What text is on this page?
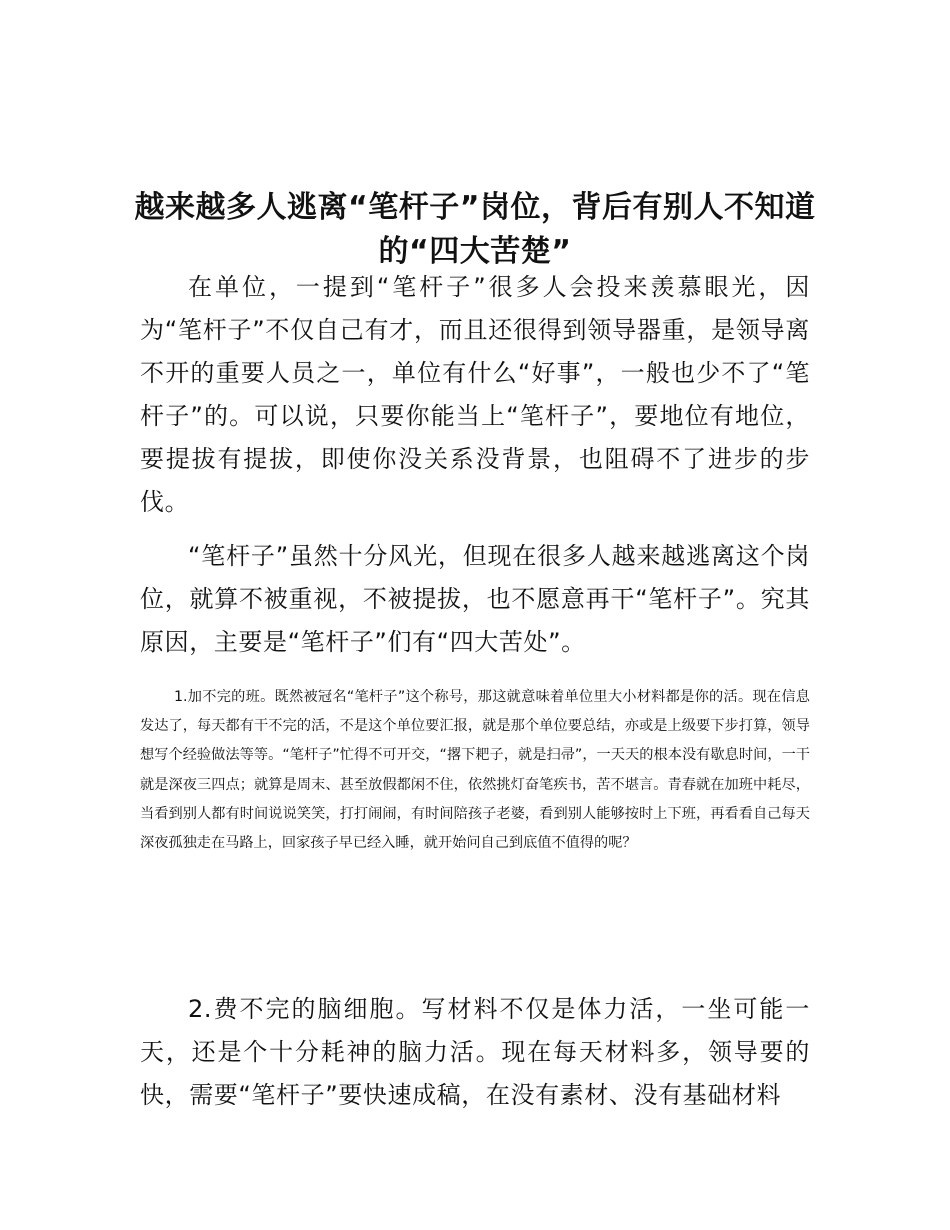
越来越多人逃离“笔杆子”岗位，背后有别人不知道的“四大苦楚”

在单位，一提到“笔杆子”很多人会投来羡慕眼光，因为“笔杆子”不仅自己有才，而且还很得到领导器重，是领导离不开的重要人员之一，单位有什么“好事”，一般也少不了“笔杆子”的。可以说，只要你能当上“笔杆子”，要地位有地位，要提拔有提拔，即使你没关系没背景，也阻碍不了进步的步伐。

“笔杆子”虽然十分风光，但现在很多人越来越逃离这个岗位，就算不被重视，不被提拔，也不愿意再干“笔杆子”。究其原因，主要是“笔杆子”们有“四大苦处”。

1.加不完的班。既然被冠名“笔杆子”这个称号，那这就意味着单位里大小材料都是你的活。现在信息发达了，每天都有干不完的活，不是这个单位要汇报，就是那个单位要总结，亦或是上级要下步打算，领导想写个经验做法等等。“笔杆子”忙得不可开交，“撂下耙子，就是扫帚”，一天天的根本没有歇息时间，一干就是深夜三四点；就算是周末、甚至放假都闲不住，依然挑灯奋笔疾书，苦不堪言。青春就在加班中耗尽，当看到别人都有时间说说笑笑，打打闹闹，有时间陪孩子老婆，看到别人能够按时上下班，再看看自己每天深夜孤独走在马路上，回家孩子早已经入睡，就开始问自己到底值不值得的呢？

2.费不完的脑细胞。写材料不仅是体力活，一坐可能一天，还是个十分耗神的脑力活。现在每天材料多，领导要的快，需要“笔杆子”要快速成稿，在没有素材、没有基础材料
